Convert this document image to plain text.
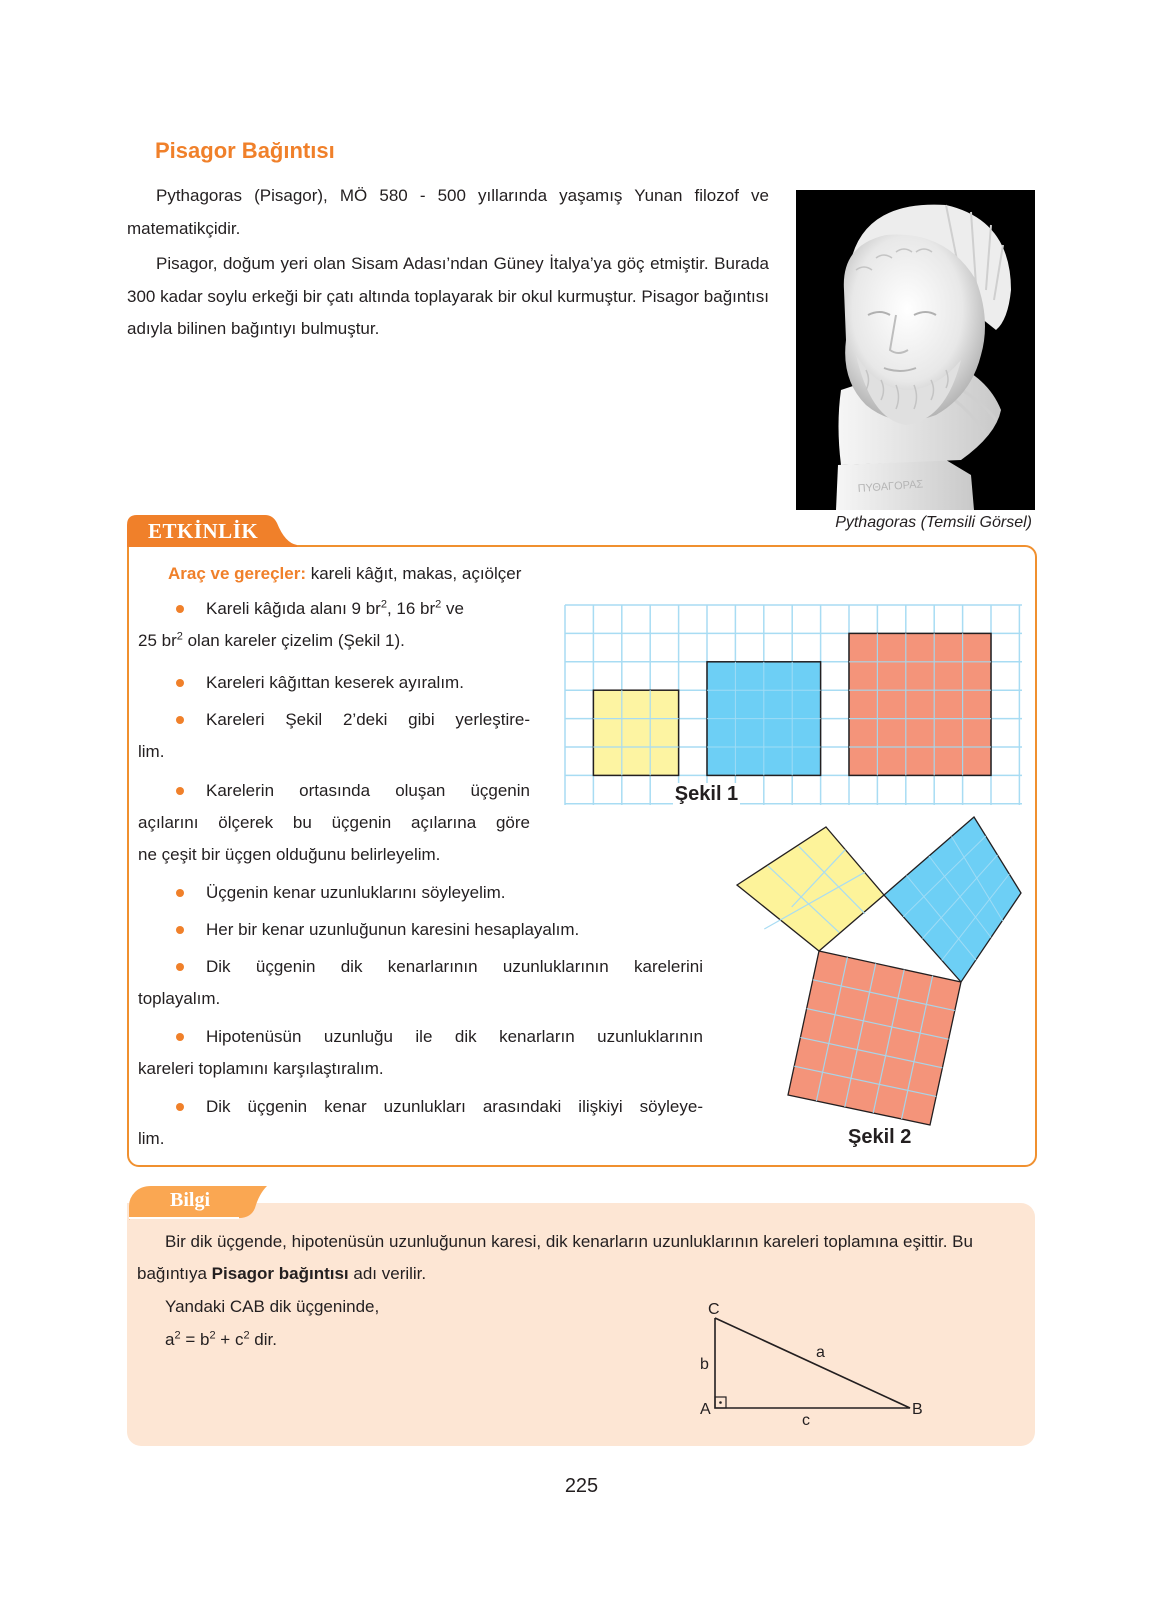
Pisagor Bağıntısı

Pythagoras (Pisagor), MÖ 580 - 500 yıllarında yaşamış Yunan filozof ve matematikçidir.

Pisagor, doğum yeri olan Sisam Adası’ndan Güney İtalya’ya göç etmiştir. Burada 300 kadar soylu erkeği bir çatı altında toplayarak bir okul kurmuştur. Pisagor bağıntısı adıyla bilinen bağıntıyı bulmuştur.

ΠΥΘΑΓΟΡΑΣ
Pythagoras (Temsili Görsel)
ETKİNLİK
Araç ve gereçler: kareli kâğıt, makas, açıölçer
Kareli kâğıda alanı 9 $br^2$, 16 $br^2$ ve
25 $br^2$ olan kareler çizelim (Şekil 1).
Kareleri kâğıttan keserek ayıralım.
Kareleri Şekil 2’deki gibi yerleştire-
lim.
Karelerin ortasında oluşan üçgenin
açılarını ölçerek bu üçgenin açılarına göre
ne çeşit bir üçgen olduğunu belirleyelim.
Üçgenin kenar uzunluklarını söyleyelim.
Her bir kenar uzunluğunun karesini hesaplayalım.
Dik üçgenin dik kenarlarının uzunluklarının karelerini
toplayalım.
Hipotenüsün uzunluğu ile dik kenarların uzunluklarının
kareleri toplamını karşılaştıralım.
Dik üçgenin kenar uzunlukları arasındaki ilişkiyi söyleye-
lim.
Şekil 1
Şekil 2
Bilgi

Bir dik üçgende, hipotenüsün uzunluğunun karesi, dik kenarların uzunluklarının kareleri toplamına eşittir. Bu bağıntıya Pisagor bağıntısı adı verilir.

Yandaki CAB dik üçgeninde,

$a^2 = b^2 + c^2$ dir.

C
b
a
A	B
c
225
